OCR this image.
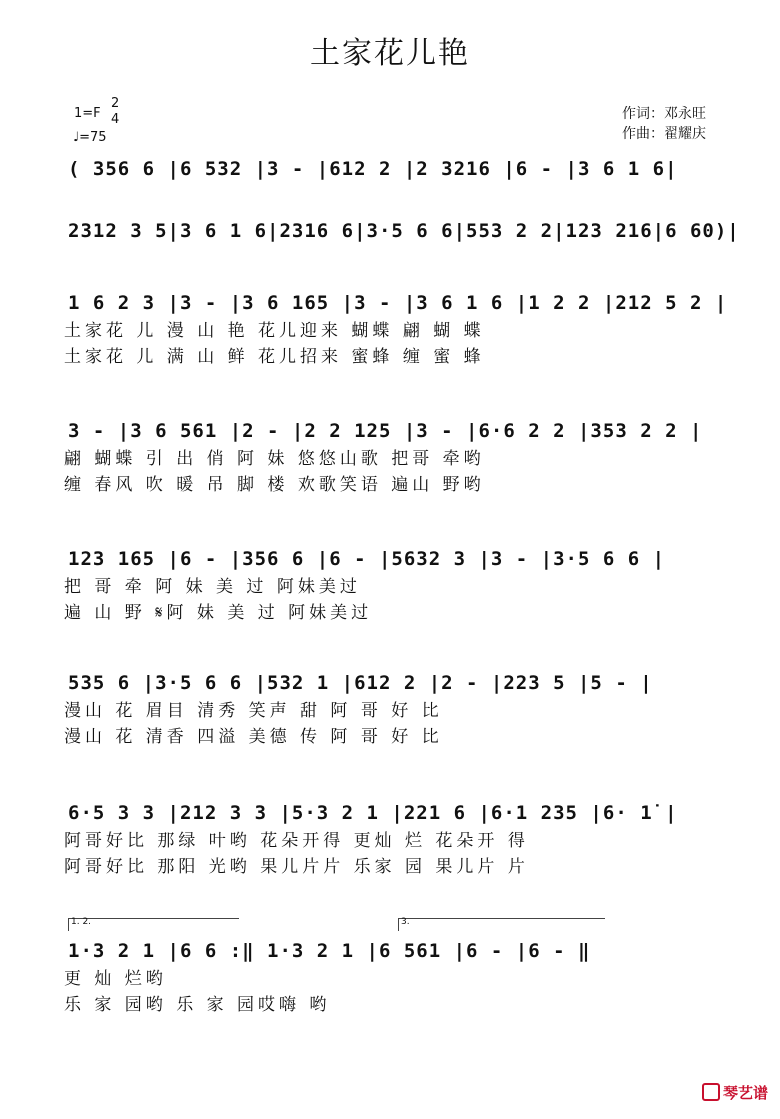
土家花儿艳
1=F
2
4
♩=75
作词：邓永旺
作曲：翟耀庆
( 356 6 |6 532 |3 - |612 2 |2 3216 |6 - |3 6 1 6|
2312 3 5|3 6 1 6|2316 6|3·5 6 6|553 2 2|123 216|6 60)|
1 6 2 3 |3 - |3 6 165 |3 - |3 6 1 6 |1 2 2 |212 5 2 |
土家花 儿 漫 山 艳 花儿迎来 蝴蝶 翩 蝴 蝶
土家花 儿 满 山 鲜 花儿招来 蜜蜂 缠 蜜 蜂
3 - |3 6 561 |2 - |2 2 125 |3 - |6·6 2 2 |353 2 2 |
翩 蝴蝶 引 出 俏 阿 妹 悠悠山歌 把哥 牵哟
缠 春风 吹 暖 吊 脚 楼 欢歌笑语 遍山 野哟
123 165 |6 - |356 6 |6 - |5632 3 |3 - |3·5 6 6 |
把 哥 牵 阿 妹 美 过 阿妹美过
遍 山 野 𝄋阿 妹 美 过 阿妹美过
535 6 |3·5 6 6 |532 1 |612 2 |2 - |223 5 |5 - |
漫山 花 眉目 清秀 笑声 甜 阿 哥 好 比
漫山 花 清香 四溢 美德 传 阿 哥 好 比
6·5 3 3 |212 3 3 |5·3 2 1 |221 6 |6·1 235 |6· 1̇ |
阿哥好比 那绿 叶哟 花朵开得 更灿 烂 花朵开 得
阿哥好比 那阳 光哟 果儿片片 乐家 园 果儿片 片
1. 2.	3.
1·3 2 1 |6 6 :‖ 1·3 2 1 |6 561 |6 - |6 - ‖
更 灿 烂哟
乐 家 园哟 乐 家 园哎嗨 哟
琴艺谱
